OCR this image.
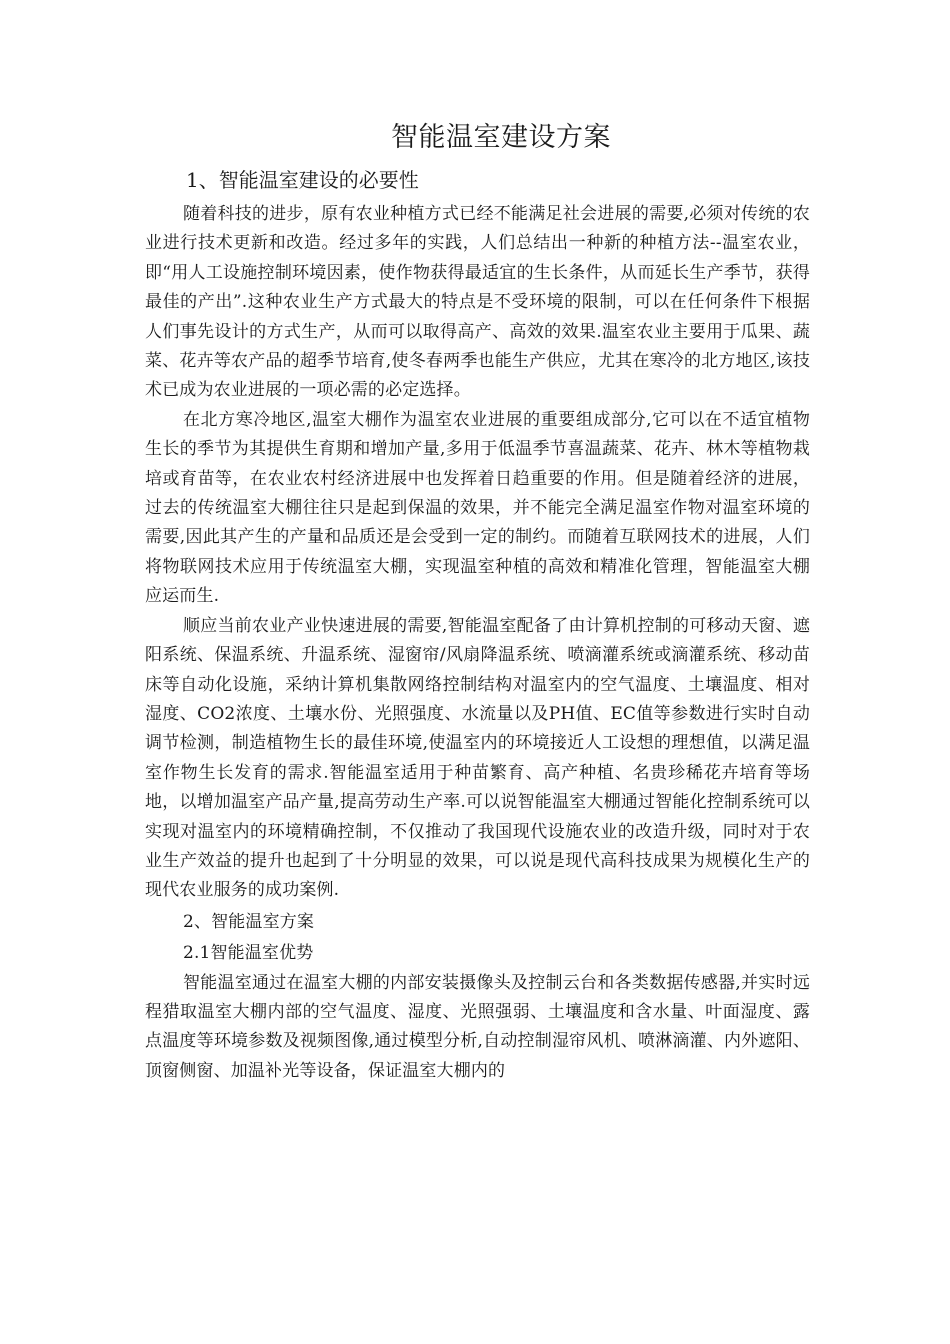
智能温室建设方案
1、智能温室建设的必要性

随着科技的进步，原有农业种植方式已经不能满足社会进展的需要,必须对传统的农业进行技术更新和改造。经过多年的实践，人们总结出一种新的种植方法--温室农业，即“用人工设施控制环境因素，使作物获得最适宜的生长条件，从而延长生产季节，获得最佳的产出”.这种农业生产方式最大的特点是不受环境的限制，可以在任何条件下根据人们事先设计的方式生产，从而可以取得高产、高效的效果.温室农业主要用于瓜果、蔬菜、花卉等农产品的超季节培育,使冬春两季也能生产供应，尤其在寒冷的北方地区,该技术已成为农业进展的一项必需的必定选择。

在北方寒冷地区,温室大棚作为温室农业进展的重要组成部分,它可以在不适宜植物生长的季节为其提供生育期和增加产量,多用于低温季节喜温蔬菜、花卉、林木等植物栽培或育苗等，在农业农村经济进展中也发挥着日趋重要的作用。但是随着经济的进展，过去的传统温室大棚往往只是起到保温的效果，并不能完全满足温室作物对温室环境的需要,因此其产生的产量和品质还是会受到一定的制约。而随着互联网技术的进展，人们将物联网技术应用于传统温室大棚，实现温室种植的高效和精准化管理，智能温室大棚应运而生.

顺应当前农业产业快速进展的需要,智能温室配备了由计算机控制的可移动天窗、遮阳系统、保温系统、升温系统、湿窗帘/风扇降温系统、喷滴灌系统或滴灌系统、移动苗床等自动化设施，采纳计算机集散网络控制结构对温室内的空气温度、土壤温度、相对湿度、CO2浓度、土壤水份、光照强度、水流量以及PH值、EC值等参数进行实时自动调节检测，制造植物生长的最佳环境,使温室内的环境接近人工设想的理想值，以满足温室作物生长发育的需求.智能温室适用于种苗繁育、高产种植、名贵珍稀花卉培育等场地，以增加温室产品产量,提高劳动生产率.可以说智能温室大棚通过智能化控制系统可以实现对温室内的环境精确控制，不仅推动了我国现代设施农业的改造升级，同时对于农业生产效益的提升也起到了十分明显的效果，可以说是现代高科技成果为规模化生产的现代农业服务的成功案例.

2、智能温室方案

2.1智能温室优势

智能温室通过在温室大棚的内部安装摄像头及控制云台和各类数据传感器,并实时远程猎取温室大棚内部的空气温度、湿度、光照强弱、土壤温度和含水量、叶面湿度、露点温度等环境参数及视频图像,通过模型分析,自动控制湿帘风机、喷淋滴灌、内外遮阳、顶窗侧窗、加温补光等设备，保证温室大棚内的
